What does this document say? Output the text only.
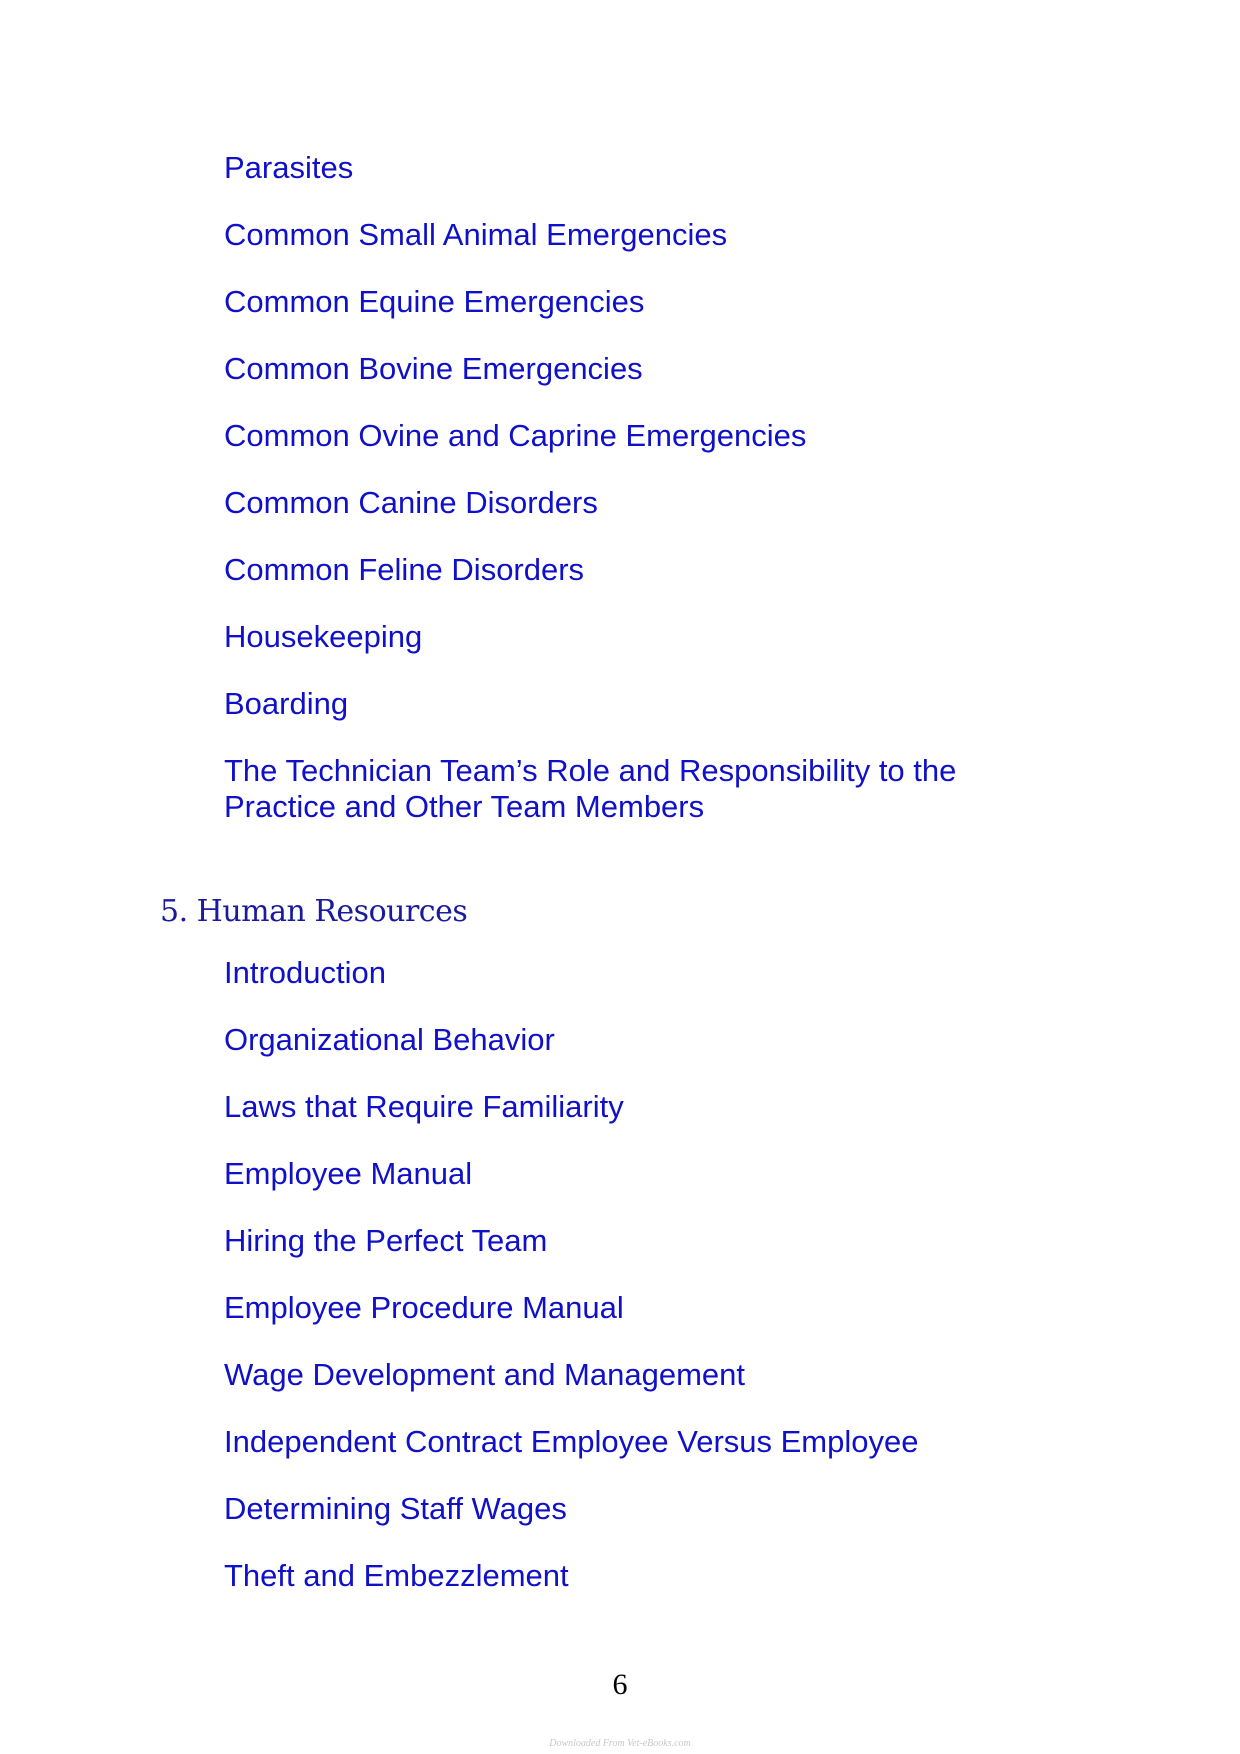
Parasites
Common Small Animal Emergencies
Common Equine Emergencies
Common Bovine Emergencies
Common Ovine and Caprine Emergencies
Common Canine Disorders
Common Feline Disorders
Housekeeping
Boarding
The Technician Team’s Role and Responsibility to the
Practice and Other Team Members
5. Human Resources
Introduction
Organizational Behavior
Laws that Require Familiarity
Employee Manual
Hiring the Perfect Team
Employee Procedure Manual
Wage Development and Management
Independent Contract Employee Versus Employee
Determining Staff Wages
Theft and Embezzlement
6
Downloaded From Vet-eBooks.com
